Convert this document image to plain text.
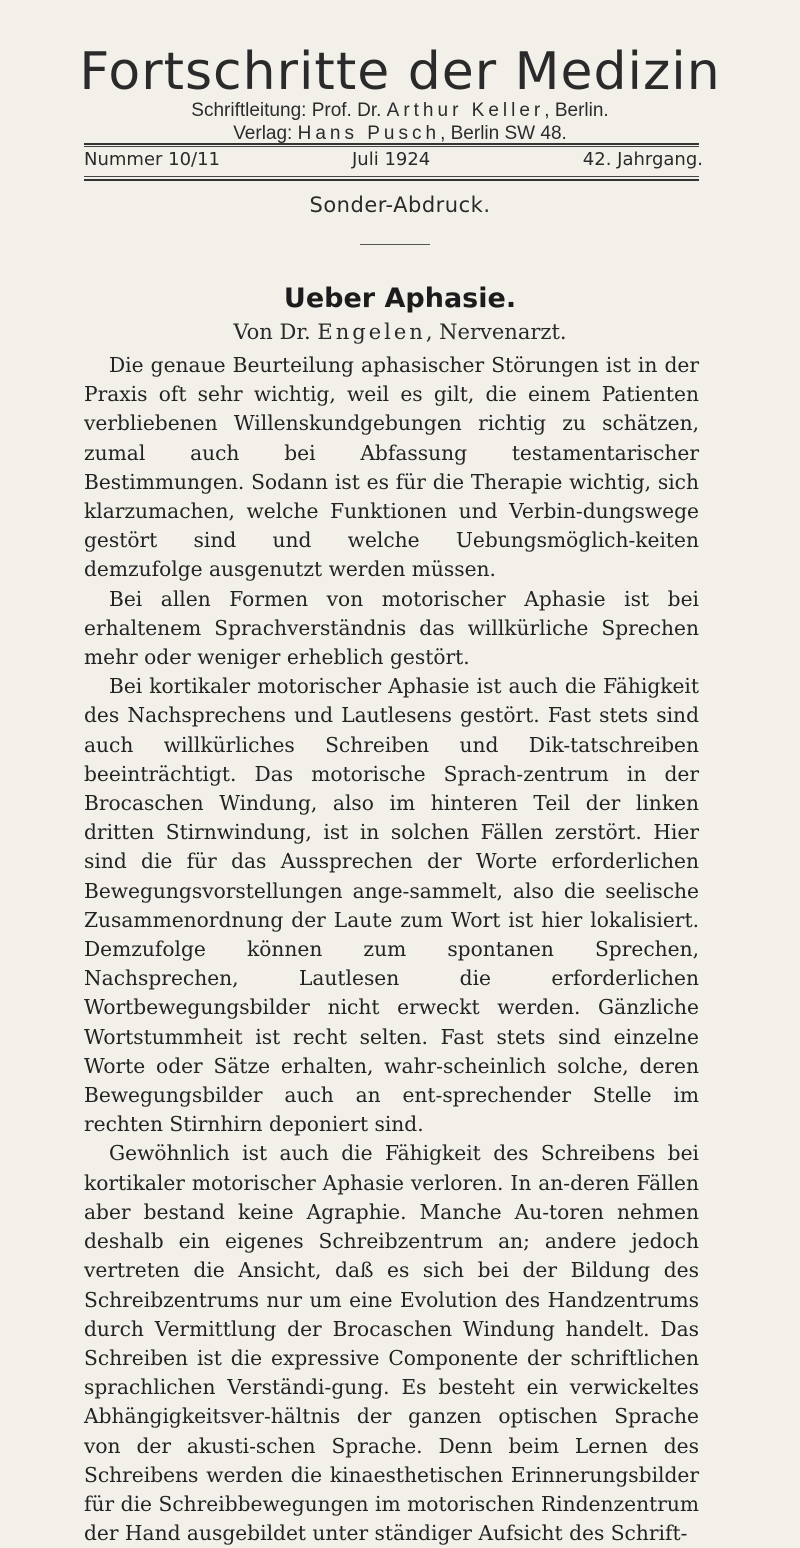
Fortschritte der Medizin

Schriftleitung: Prof. Dr. Arthur Keller, Berlin.

Verlag: Hans Pusch, Berlin SW 48.

Nummer 10/11	Juli 1924	42. Jahrgang.
Sonder-Abdruck.
Ueber Aphasie.
Von Dr. Engelen, Nervenarzt.

Die genaue Beurteilung aphasischer Störungen ist in der Praxis oft sehr wichtig, weil es gilt, die einem Patienten verbliebenen Willenskundgebungen richtig zu schätzen, zumal auch bei Abfassung testamentarischer Bestimmungen. Sodann ist es für die Therapie wichtig, sich klarzumachen, welche Funktionen und Verbin-dungswege gestört sind und welche Uebungsmöglich-keiten demzufolge ausgenutzt werden müssen.

Bei allen Formen von motorischer Aphasie ist bei erhaltenem Sprachverständnis das willkürliche Sprechen mehr oder weniger erheblich gestört.

Bei kortikaler motorischer Aphasie ist auch die Fähigkeit des Nachsprechens und Lautlesens gestört. Fast stets sind auch willkürliches Schreiben und Dik-tatschreiben beeinträchtigt. Das motorische Sprach-zentrum in der Brocaschen Windung, also im hinteren Teil der linken dritten Stirnwindung, ist in solchen Fällen zerstört. Hier sind die für das Aussprechen der Worte erforderlichen Bewegungsvorstellungen ange-sammelt, also die seelische Zusammenordnung der Laute zum Wort ist hier lokalisiert. Demzufolge können zum spontanen Sprechen, Nachsprechen, Lautlesen die erforderlichen Wortbewegungsbilder nicht erweckt werden. Gänzliche Wortstummheit ist recht selten. Fast stets sind einzelne Worte oder Sätze erhalten, wahr-scheinlich solche, deren Bewegungsbilder auch an ent-sprechender Stelle im rechten Stirnhirn deponiert sind.

Gewöhnlich ist auch die Fähigkeit des Schreibens bei kortikaler motorischer Aphasie verloren. In an-deren Fällen aber bestand keine Agraphie. Manche Au-toren nehmen deshalb ein eigenes Schreibzentrum an; andere jedoch vertreten die Ansicht, daß es sich bei der Bildung des Schreibzentrums nur um eine Evolution des Handzentrums durch Vermittlung der Brocaschen Windung handelt. Das Schreiben ist die expressive Componente der schriftlichen sprachlichen Verständi-gung. Es besteht ein verwickeltes Abhängigkeitsver-hältnis der ganzen optischen Sprache von der akusti-schen Sprache. Denn beim Lernen des Schreibens werden die kinaesthetischen Erinnerungsbilder für die Schreibbewegungen im motorischen Rindenzentrum der Hand ausgebildet unter ständiger Aufsicht des Schrift-
